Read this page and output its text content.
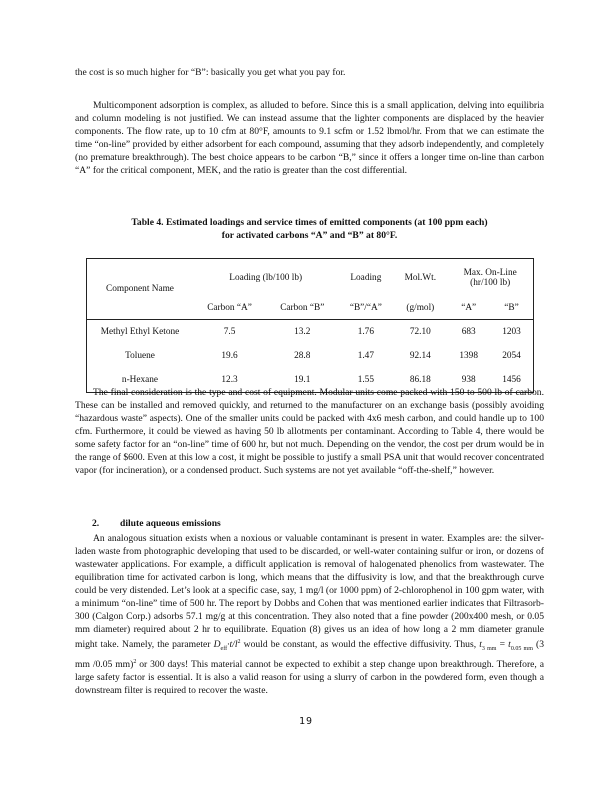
the cost is so much higher for “B”: basically you get what you pay for.

Multicomponent adsorption is complex, as alluded to before. Since this is a small application, delving into equilibria and column modeling is not justified. We can instead assume that the lighter components are displaced by the heavier components. The flow rate, up to 10 cfm at 80°F, amounts to 9.1 scfm or 1.52 lbmol/hr. From that we can estimate the time “on-line” provided by either adsorbent for each compound, assuming that they adsorb independently, and completely (no premature breakthrough). The best choice appears to be carbon “B,” since it offers a longer time on-line than carbon “A” for the critical component, MEK, and the ratio is greater than the cost differential.

Table 4. Estimated loadings and service times of emitted components (at 100 ppm each)
for activated carbons “A” and “B” at 80°F.
Component Name	Loading (lb/100 lb)		Loading	Mol.Wt.	Max. On-Line
(hr/100 lb)	

	Carbon “A”	Carbon “B”	“B”/“A”	(g/mol)	“A”	“B”
Methyl Ethyl Ketone	7.5	13.2	1.76	72.10	683	1203
Toluene	19.6	28.8	1.47	92.14	1398	2054
n-Hexane	12.3	19.1	1.55	86.18	938	1456

The final consideration is the type and cost of equipment. Modular units come packed with 150 to 500 lb of carbon. These can be installed and removed quickly, and returned to the manufacturer on an exchange basis (possibly avoiding “hazardous waste” aspects). One of the smaller units could be packed with 4x6 mesh carbon, and could handle up to 100 cfm. Furthermore, it could be viewed as having 50 lb allotments per contaminant. According to Table 4, there would be some safety factor for an “on-line” time of 600 hr, but not much. Depending on the vendor, the cost per drum would be in the range of $600. Even at this low a cost, it might be possible to justify a small PSA unit that would recover concentrated vapor (for incineration), or a condensed product. Such systems are not yet available “off-the-shelf,” however.

2. dilute aqueous emissions

An analogous situation exists when a noxious or valuable contaminant is present in water. Examples are: the silver-laden waste from photographic developing that used to be discarded, or well-water containing sulfur or iron, or dozens of wastewater applications. For example, a difficult application is removal of halogenated phenolics from wastewater. The equilibration time for activated carbon is long, which means that the diffusivity is low, and that the breakthrough curve could be very distended. Let’s look at a specific case, say, 1 mg/l (or 1000 ppm) of 2-chlorophenol in 100 gpm water, with a minimum “on-line” time of 500 hr. The report by Dobbs and Cohen that was mentioned earlier indicates that Filtrasorb-300 (Calgon Corp.) adsorbs 57.1 mg/g at this concentration. They also noted that a fine powder (200x400 mesh, or 0.05 mm diameter) required about 2 hr to equilibrate. Equation (8) gives us an idea of how long a 2 mm diameter granule might take. Namely, the parameter $D_{eff}\cdot t/l^2$ would be constant, as would the effective diffusivity. Thus, $t_{3 mm} = t_{0.05 mm}$ (3 mm /0.05 mm)$^2$ or 300 days! This material cannot be expected to exhibit a step change upon breakthrough. Therefore, a large safety factor is essential. It is also a valid reason for using a slurry of carbon in the powdered form, even though a downstream filter is required to recover the waste.

19
